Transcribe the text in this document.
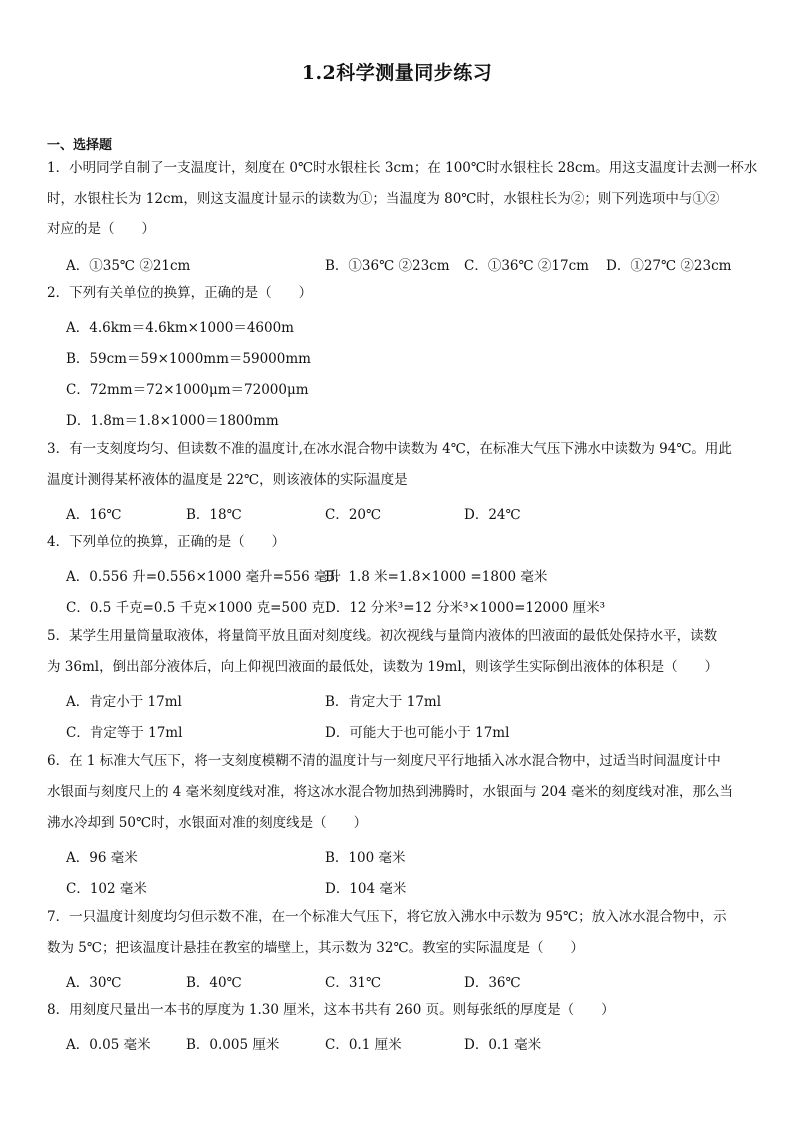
1.2科学测量同步练习
一、选择题
1．小明同学自制了一支温度计，刻度在 0℃时水银柱长 3cm；在 100℃时水银柱长 28cm。用这支温度计去测一杯水
时，水银柱长为 12cm，则这支温度计显示的读数为①；当温度为 80℃时，水银柱长为②；则下列选项中与①②
对应的是（　　）
A．①35℃ ②21cm	B．①36℃ ②23cm C．①36℃ ②17cm D．①27℃ ②23cm
2．下列有关单位的换算，正确的是（　　）
A．4.6km＝4.6km×1000＝4600m
B．59cm＝59×1000mm＝59000mm
C．72mm＝72×1000μm＝72000μm
D．1.8m＝1.8×1000＝1800mm
3．有一支刻度均匀、但读数不准的温度计,在冰水混合物中读数为 4℃，在标准大气压下沸水中读数为 94℃。用此
温度计测得某杯液体的温度是 22℃，则该液体的实际温度是
A．16℃	B．18℃	C．20℃	D．24℃
4．下列单位的换算，正确的是（　　）
A．0.556 升=0.556×1000 毫升=556 毫升
B．1.8 米=1.8×1000 =1800 毫米
C．0.5 千克=0.5 千克×1000 克=500 克 D．12 分米³=12 分米³×1000=12000 厘米³
5．某学生用量筒量取液体，将量筒平放且面对刻度线。初次视线与量筒内液体的凹液面的最低处保持水平，读数
为 36ml，倒出部分液体后，向上仰视凹液面的最低处，读数为 19ml，则该学生实际倒出液体的体积是（　　）
A．肯定小于 17ml	B．肯定大于 17ml
C．肯定等于 17ml	D．可能大于也可能小于 17ml
6．在 1 标准大气压下，将一支刻度模糊不清的温度计与一刻度尺平行地插入冰水混合物中，过适当时间温度计中
水银面与刻度尺上的 4 毫米刻度线对准，将这冰水混合物加热到沸腾时，水银面与 204 毫米的刻度线对准，那么当
沸水冷却到 50℃时，水银面对准的刻度线是（　　）
A．96 毫米	B．100 毫米
C．102 毫米	D．104 毫米
7．一只温度计刻度均匀但示数不准，在一个标准大气压下，将它放入沸水中示数为 95℃；放入冰水混合物中，示
数为 5℃；把该温度计悬挂在教室的墙壁上，其示数为 32℃。教室的实际温度是（　　）
A．30℃	B．40℃	C．31℃	D．36℃
8．用刻度尺量出一本书的厚度为 1.30 厘米，这本书共有 260 页。则每张纸的厚度是（　　）
A．0.05 毫米	B．0.005 厘米	C．0.1 厘米	D．0.1 毫米
